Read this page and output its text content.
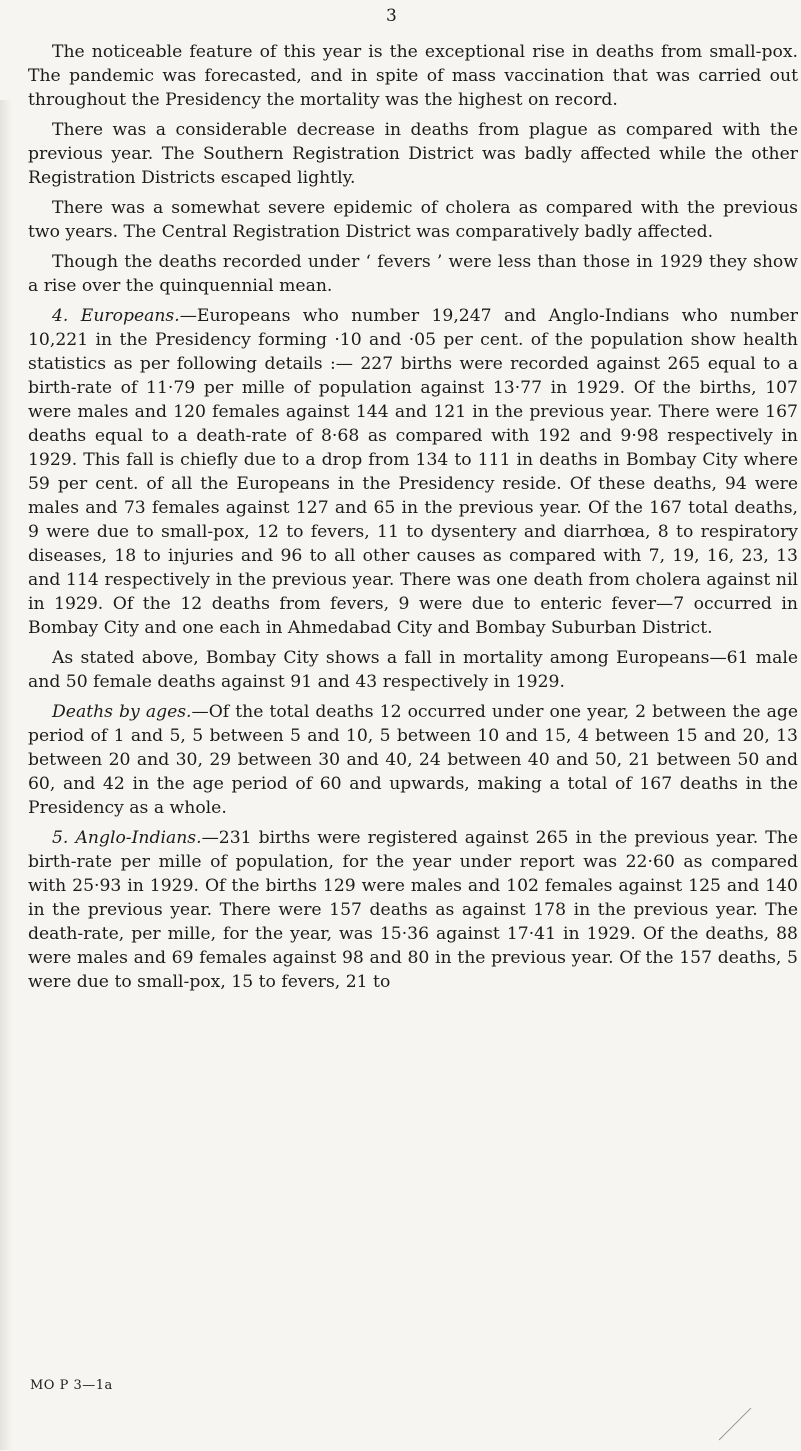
3

The noticeable feature of this year is the exceptional rise in deaths from small-pox. The pandemic was forecasted, and in spite of mass vaccination that was carried out throughout the Presidency the mortality was the highest on record.

There was a considerable decrease in deaths from plague as compared with the previous year. The Southern Registration District was badly affected while the other Registration Districts escaped lightly.

There was a somewhat severe epidemic of cholera as compared with the previous two years. The Central Registration District was comparatively badly affected.

Though the deaths recorded under ‘ fevers ’ were less than those in 1929 they show a rise over the quinquennial mean.

4. Europeans.—Europeans who number 19,247 and Anglo-Indians who number 10,221 in the Presidency forming ·10 and ·05 per cent. of the population show health statistics as per following details :— 227 births were recorded against 265 equal to a birth-rate of 11·79 per mille of population against 13·77 in 1929. Of the births, 107 were males and 120 females against 144 and 121 in the previous year. There were 167 deaths equal to a death-rate of 8·68 as compared with 192 and 9·98 respectively in 1929. This fall is chiefly due to a drop from 134 to 111 in deaths in Bombay City where 59 per cent. of all the Europeans in the Presidency reside. Of these deaths, 94 were males and 73 females against 127 and 65 in the previous year. Of the 167 total deaths, 9 were due to small-pox, 12 to fevers, 11 to dysentery and diarrhœa, 8 to respiratory diseases, 18 to injuries and 96 to all other causes as compared with 7, 19, 16, 23, 13 and 114 respectively in the previous year. There was one death from cholera against nil in 1929. Of the 12 deaths from fevers, 9 were due to enteric fever—7 occurred in Bombay City and one each in Ahmedabad City and Bombay Suburban District.

As stated above, Bombay City shows a fall in mortality among Europeans—61 male and 50 female deaths against 91 and 43 respectively in 1929.

Deaths by ages.—Of the total deaths 12 occurred under one year, 2 between the age period of 1 and 5, 5 between 5 and 10, 5 between 10 and 15, 4 between 15 and 20, 13 between 20 and 30, 29 between 30 and 40, 24 between 40 and 50, 21 between 50 and 60, and 42 in the age period of 60 and upwards, making a total of 167 deaths in the Presidency as a whole.

5. Anglo-Indians.—231 births were registered against 265 in the previous year. The birth-rate per mille of population, for the year under report was 22·60 as compared with 25·93 in 1929. Of the births 129 were males and 102 females against 125 and 140 in the previous year. There were 157 deaths as against 178 in the previous year. The death-rate, per mille, for the year, was 15·36 against 17·41 in 1929. Of the deaths, 88 were males and 69 females against 98 and 80 in the previous year. Of the 157 deaths, 5 were due to small-pox, 15 to fevers, 21 to

MO P 3—1a
